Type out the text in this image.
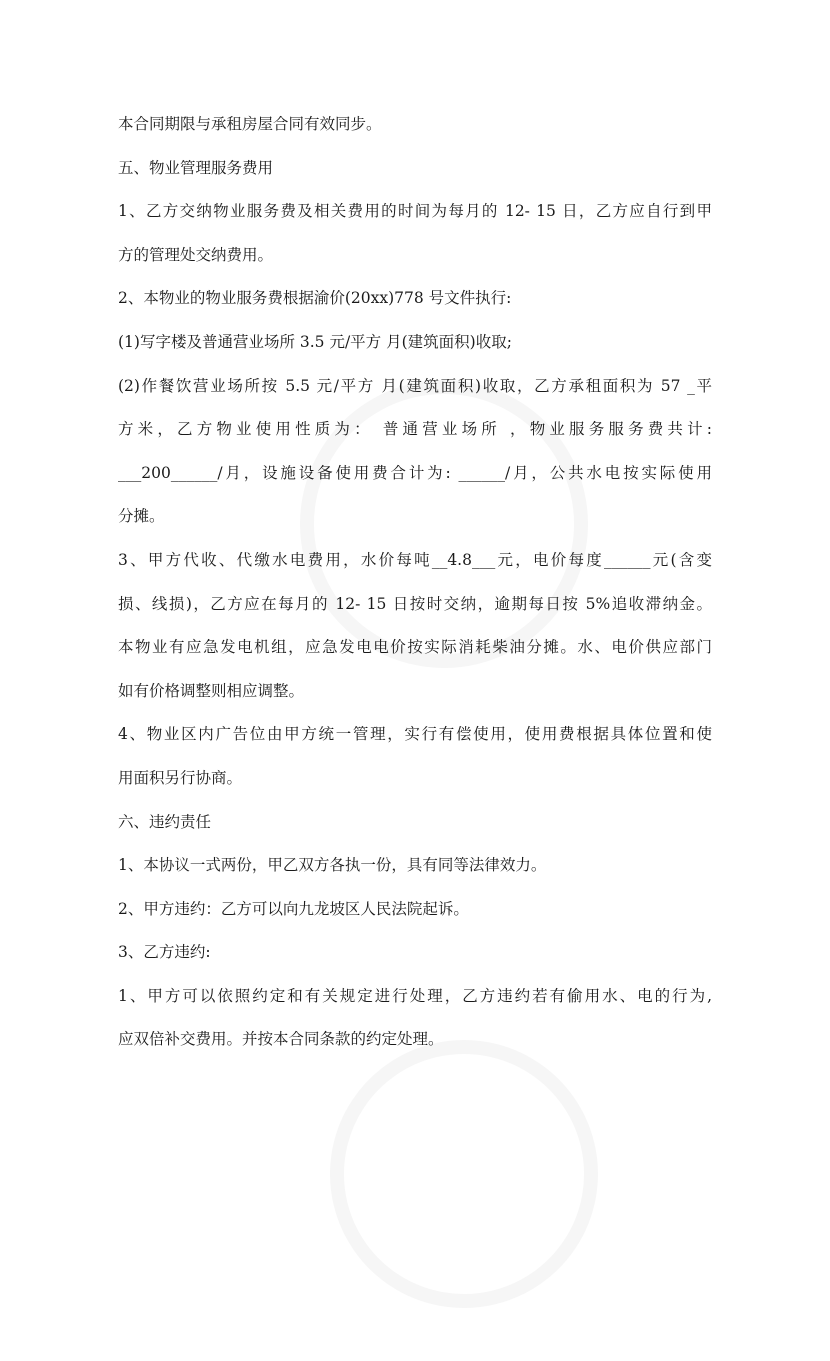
本合同期限与承租房屋合同有效同步。
五、物业管理服务费用
1、乙方交纳物业服务费及相关费用的时间为每月的 12- 15 日，乙方应自行到甲
方的管理处交纳费用。
2、本物业的物业服务费根据渝价(20xx)778 号文件执行:
(1)写字楼及普通营业场所 3.5 元/平方 月(建筑面积)收取;
(2)作餐饮营业场所按 5.5 元/平方 月(建筑面积)收取，乙方承租面积为 57 _平
方米，乙方物业使用性质为： 普通营业场所 ，物业服务服务费共计:
___200______/月，设施设备使用费合计为: ______/月，公共水电按实际使用
分摊。
3、甲方代收、代缴水电费用，水价每吨__4.8___元，电价每度______元(含变
损、线损)，乙方应在每月的 12- 15 日按时交纳，逾期每日按 5%追收滞纳金。
本物业有应急发电机组，应急发电电价按实际消耗柴油分摊。水、电价供应部门
如有价格调整则相应调整。
4、物业区内广告位由甲方统一管理，实行有偿使用，使用费根据具体位置和使
用面积另行协商。
六、违约责任
1、本协议一式两份，甲乙双方各执一份，具有同等法律效力。
2、甲方违约：乙方可以向九龙坡区人民法院起诉。
3、乙方违约:
1、甲方可以依照约定和有关规定进行处理，乙方违约若有偷用水、电的行为,
应双倍补交费用。并按本合同条款的约定处理。
